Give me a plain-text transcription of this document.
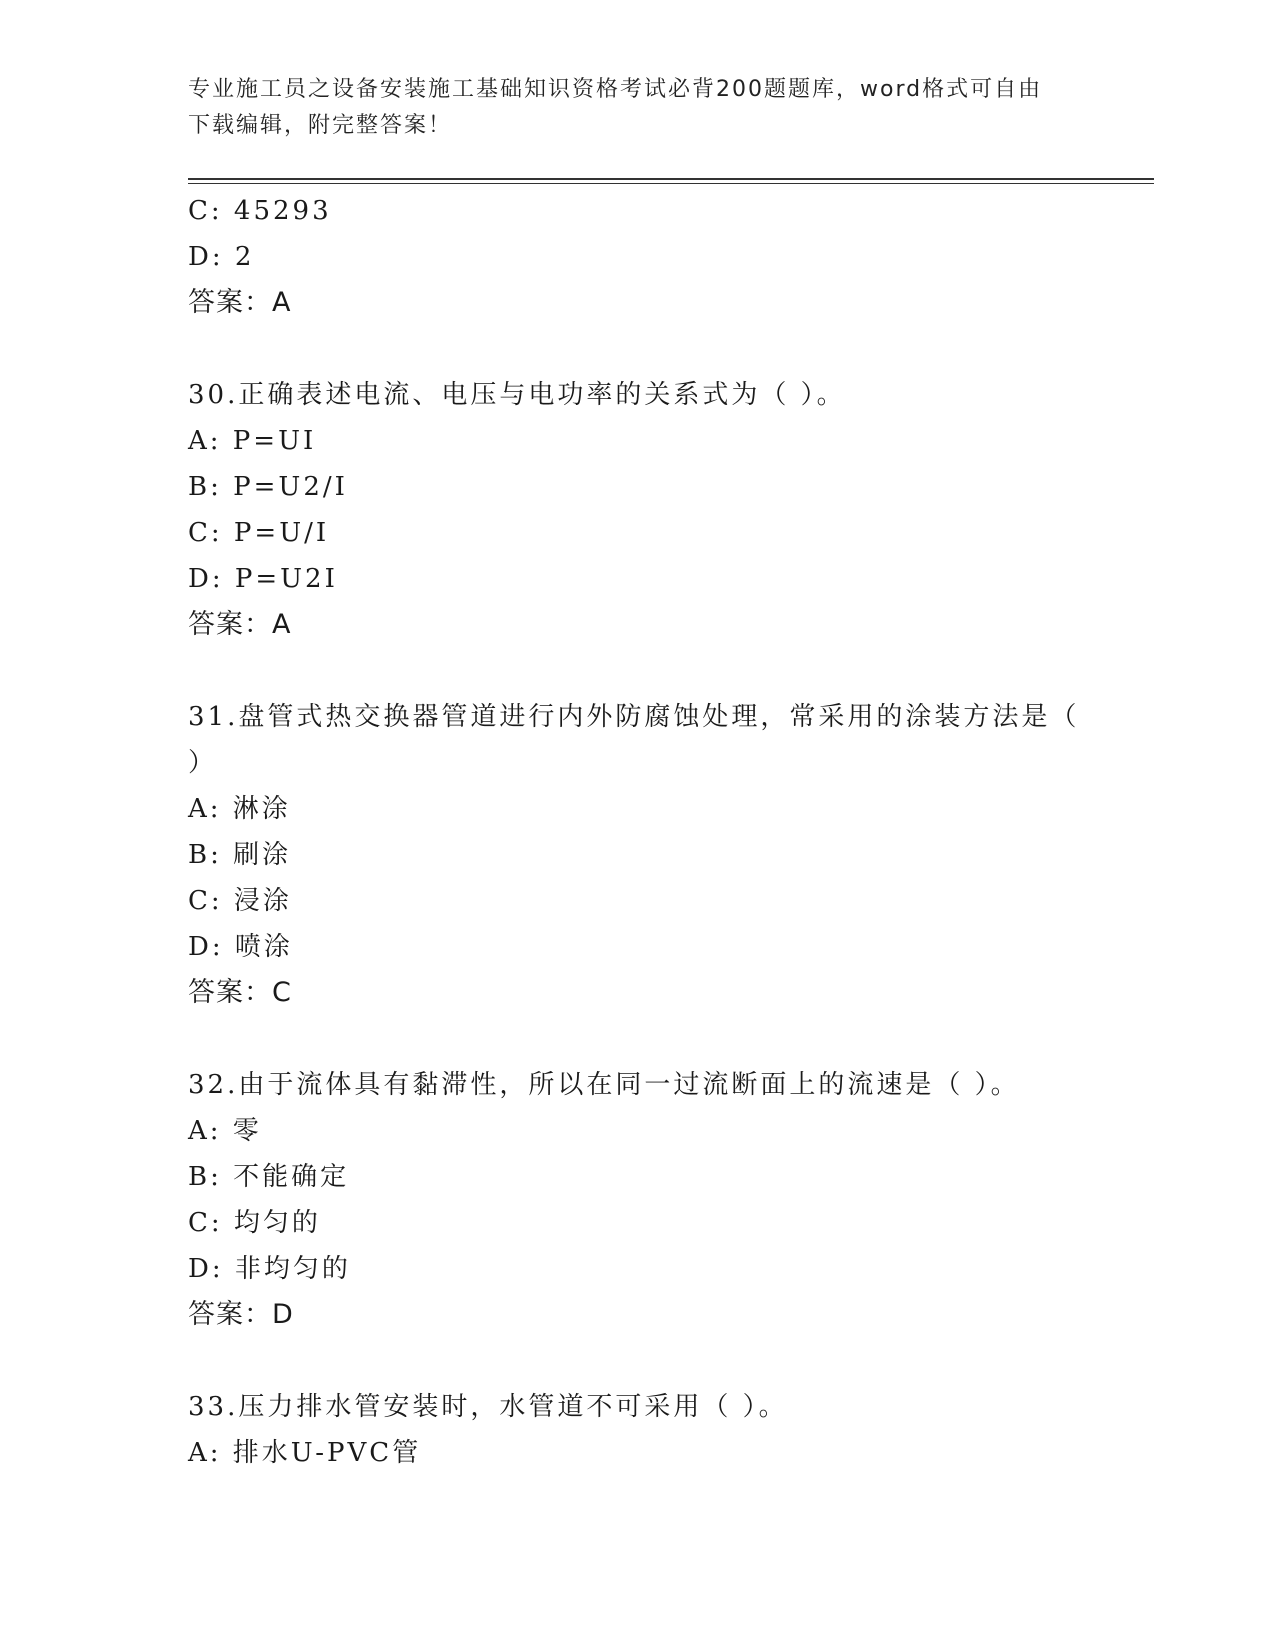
专业施工员之设备安装施工基础知识资格考试必背200题题库，word格式可自由
下载编辑，附完整答案！
C: 45293
D: 2
答案：A
30.正确表述电流、电压与电功率的关系式为（ ）。
A: P=UI
B: P=U2/I
C: P=U/I
D: P=U2I
答案：A
31.盘管式热交换器管道进行内外防腐蚀处理，常采用的涂装方法是（
）
A: 淋涂
B: 刷涂
C: 浸涂
D: 喷涂
答案：C
32.由于流体具有黏滞性，所以在同一过流断面上的流速是（ ）。
A: 零
B: 不能确定
C: 均匀的
D: 非均匀的
答案：D
33.压力排水管安装时，水管道不可采用（ ）。
A: 排水U-PVC管
